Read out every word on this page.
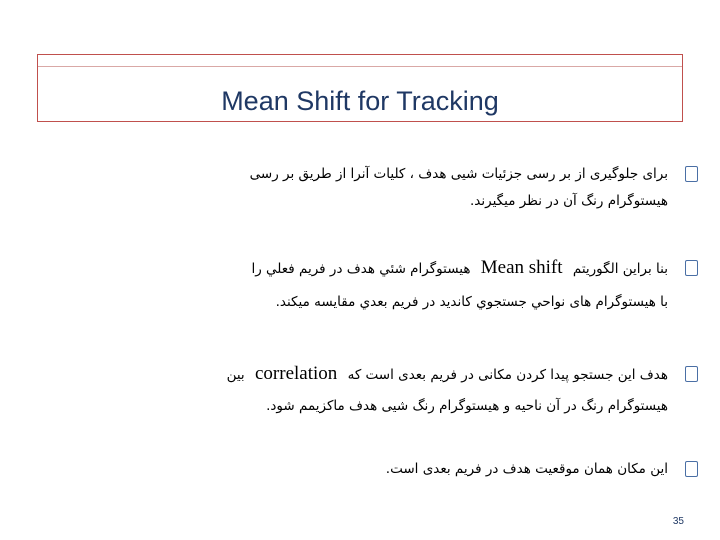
Mean Shift for Tracking
برای جلوگیری از بر رسی جزئیات شیی هدف ، کلیات آنرا از طریق بر رسی
هیستوگرام رنگ آن در نظر میگیرند.
بنا براین الگوریتم Mean shift هیستوگرام شئي هدف در فریم فعلي را
با هیستوگرام های نواحي جستجوي کاندید در فریم بعدي مقایسه میکند.
هدف این جستجو پیدا کردن مکانی در فریم بعدی است که correlation بین
هیستوگرام رنگ در آن ناحیه و هیستوگرام رنگ شیی هدف ماکزیمم شود.
این مکان همان موقعیت هدف در فریم بعدی است.
35
